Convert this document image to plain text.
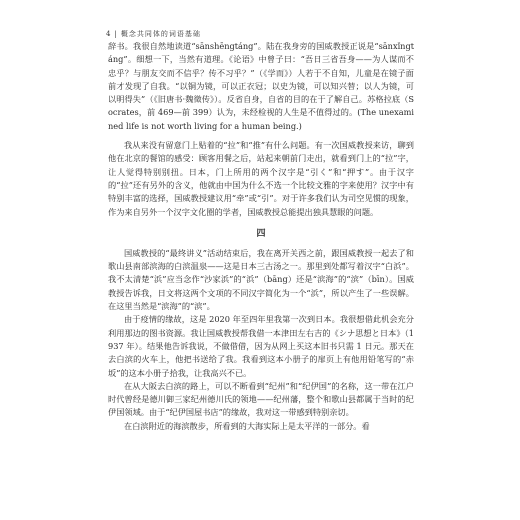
4 | 概念共同体的词语基础

辞书。我很自然地读道“sānshēngtáng”。陆在我身旁的国威教授正说是“sānxǐngtáng”。细想一下，当然有道理。《论语》中曾子曰：“吾日三省吾身——为人谋而不忠乎？与朋友交而不信乎？传不习乎？”（《学而》）人若于不自知，儿童是在镜子面前才发现了自我。“以铜为镜，可以正衣冠；以史为镜，可以知兴替；以人为镜，可以明得失”（《旧唐书·魏徵传》）。反省自身，自省的目的在于了解自己。苏格拉底（Socrates，前 469—前 399）认为，未经检视的人生是不值得过的。(The unexamined life is not worth living for a human being.)

我从来没有留意门上贴着的“拉”和“推”有什么问题。有一次国威教授来访，聊到他在北京的餐馆的感受：顾客用餐之后，站起来朝前门走出，就看到门上的“拉”字，让人觉得特别别扭。日本，门上所用的两个汉字是“引く”和“押す”。由于汉字的“拉”还有另外的含义，他就由中国为什么不选一个比较文雅的字来使用？汉字中有特别丰富的选择，国威教授建议用“牵”或“引”。对于许多我们认为司空见惯的现象，作为来自另外一个汉字文化圈的学者，国威教授总能提出独具慧眼的问题。

四

国威教授的“最终讲义”活动结束后，我在离开关西之前，跟国威教授一起去了和歌山县南部滨海的白滨温泉——这是日本三古汤之一。那里到处都写着汉字“白浜”。我不太清楚“浜”应当念作“沙家浜”的“浜”（bāng）还是“滨海”的“滨”（bīn）。国威教授告诉我，日文将这两个文项的不同汉字简化为一个“浜”，所以产生了一些误解。在这里当然是“滨海”的“滨”。

由于疫情的缘故，这是 2020 年至四年里我第一次到日本。我很想借此机会充分利用那边的图书资源。我让国威教授帮我借一本津田左右吉的《シナ思想と日本》（1937 年）。结果他告诉我说，不做借借，因为从网上买这本旧书只需 1 日元。那天在去白滨的火车上，他把书送给了我。我看到这本小册子的扉页上有他用铅笔写的“赤坂”的这本小册子拾我，让我高兴不已。

在从大阪去白滨的路上，可以不断看到“纪州”和“纪伊国”的名称，这一带在江户时代曾经是德川御三家纪州德川氏的领地——纪州藩，整个和歌山县都属于当时的纪伊国领域。由于“纪伊国屋书店”的缘故，我对这一带感到特别亲切。

在白滨附近的海滨散步，所看到的大海实际上是太平洋的一部分。看
